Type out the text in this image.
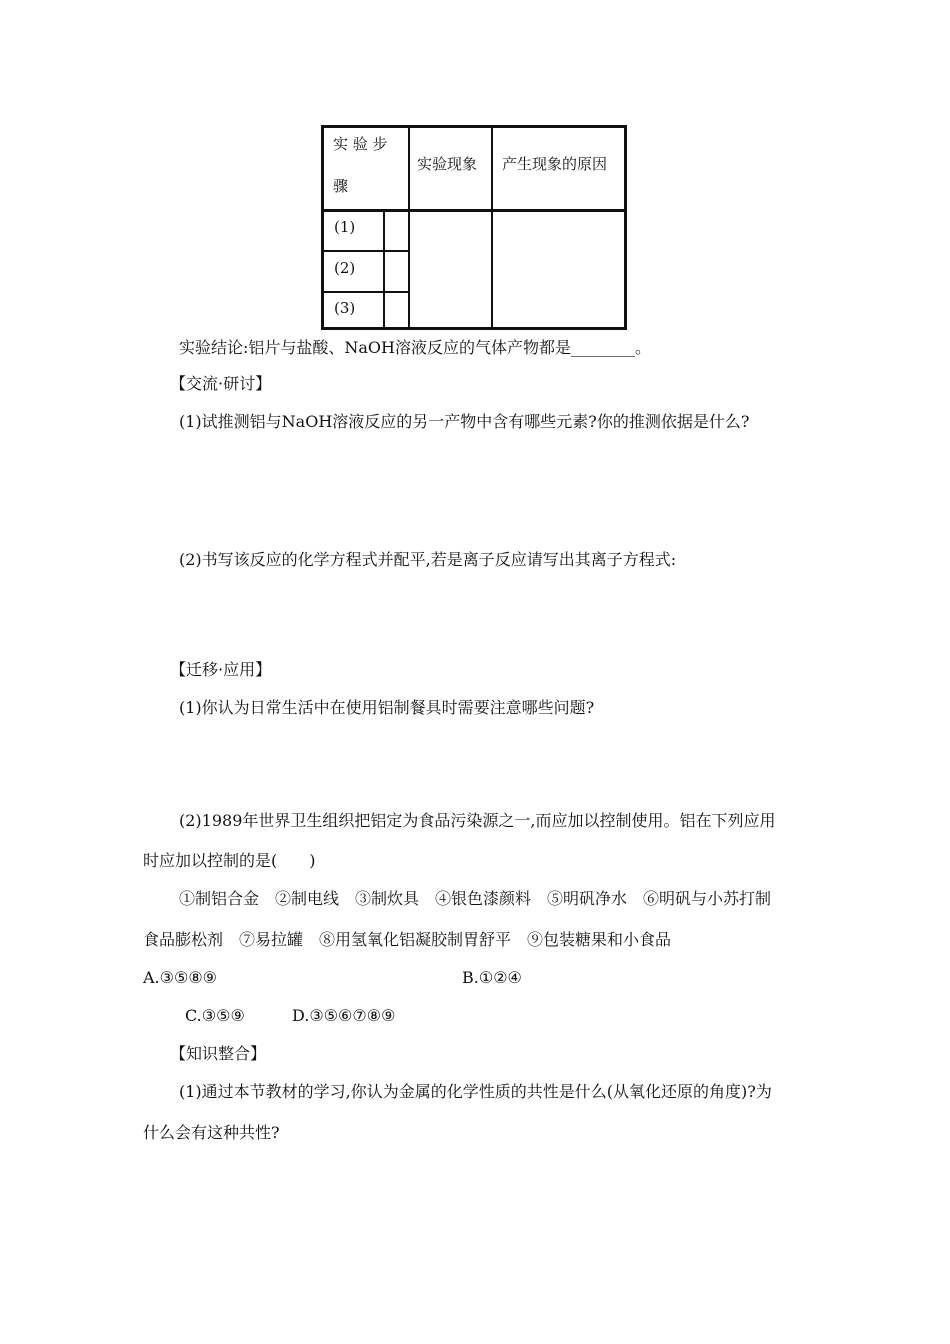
实 验 步
骤
实验现象 产生现象的原因
(1)
(2)
(3)
实验结论:铝片与盐酸、NaOH溶液反应的气体产物都是________。
【交流·研讨】
(1)试推测铝与NaOH溶液反应的另一产物中含有哪些元素?你的推测依据是什么?
(2)书写该反应的化学方程式并配平,若是离子反应请写出其离子方程式:
【迁移·应用】
(1)你认为日常生活中在使用铝制餐具时需要注意哪些问题?
(2)1989年世界卫生组织把铝定为食品污染源之一,而应加以控制使用。铝在下列应用
时应加以控制的是(　　)
①制铝合金　②制电线　③制炊具　④银色漆颜料　⑤明矾净水　⑥明矾与小苏打制
食品膨松剂　⑦易拉罐　⑧用氢氧化铝凝胶制胃舒平　⑨包装糖果和小食品
A.③⑤⑧⑨	B.①②④
C.③⑤⑨	D.③⑤⑥⑦⑧⑨
【知识整合】
(1)通过本节教材的学习,你认为金属的化学性质的共性是什么(从氧化还原的角度)?为
什么会有这种共性?
